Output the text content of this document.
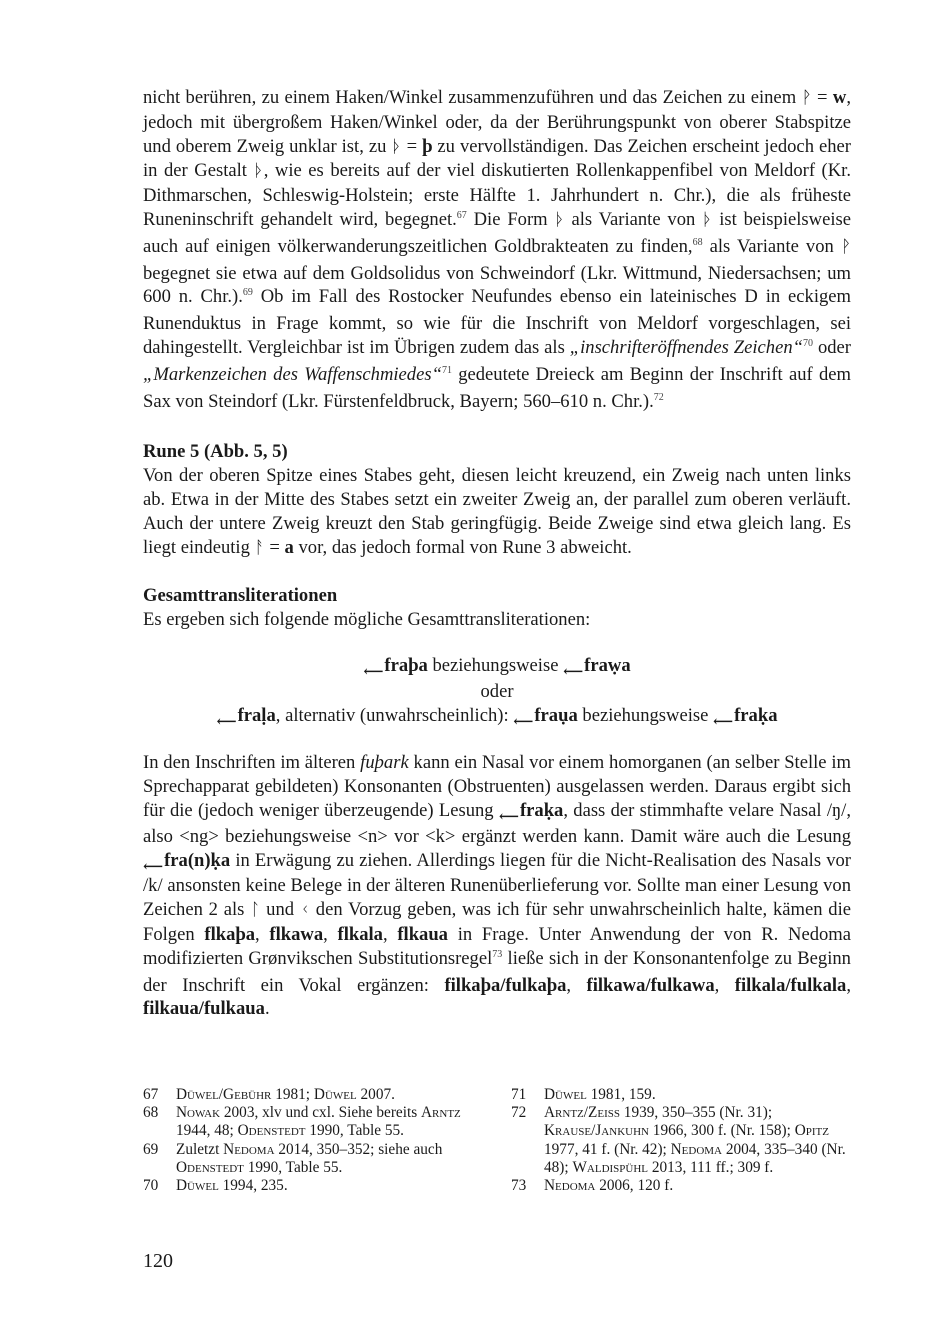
nicht berühren, zu einem Haken/Winkel zusammenzuführen und das Zeichen zu einem ᚹ = w, jedoch mit übergroßem Haken/Winkel oder, da der Berührungspunkt von oberer Stabspitze und oberem Zweig unklar ist, zu ᚦ = þ zu vervollständigen. Das Zeichen erscheint jedoch eher in der Gestalt ᚦ, wie es bereits auf der viel diskutierten Rollenkappenfibel von Meldorf (Kr. Dithmarschen, Schleswig-Holstein; erste Hälfte 1. Jahrhundert n. Chr.), die als früheste Runeninschrift gehandelt wird, begegnet.$^{67}$ Die Form ᚦ als Variante von ᚦ ist beispielsweise auch auf einigen völkerwanderungszeitlichen Goldbrakteaten zu finden,$^{68}$ als Variante von ᚹ begegnet sie etwa auf dem Goldsolidus von Schweindorf (Lkr. Wittmund, Niedersachsen; um 600 n. Chr.).$^{69}$ Ob im Fall des Rostocker Neufundes ebenso ein lateinisches D in eckigem Runenduktus in Frage kommt, so wie für die Inschrift von Meldorf vorgeschlagen, sei dahingestellt. Vergleichbar ist im Übrigen zudem das als „inschrifteröffnendes Zeichen“$^{70}$ oder „Markenzeichen des Waffenschmiedes“$^{71}$ gedeutete Dreieck am Beginn der Inschrift auf dem Sax von Steindorf (Lkr. Fürstenfeldbruck, Bayern; 560–610 n. Chr.).$^{72}$

Rune 5 (Abb. 5, 5)

Von der oberen Spitze eines Stabes geht, diesen leicht kreuzend, ein Zweig nach unten links ab. Etwa in der Mitte des Stabes setzt ein zweiter Zweig an, der parallel zum oberen verläuft. Auch der untere Zweig kreuzt den Stab geringfügig. Beide Zweige sind etwa gleich lang. Es liegt eindeutig ᚨ = a vor, das jedoch formal von Rune 3 abweicht.

Gesamttransliterationen

Es ergeben sich folgende mögliche Gesamttransliterationen:

$_⟵$fraþa beziehungsweise $_⟵$fraẉa
oder
$_⟵$fraḷa, alternativ (unwahrscheinlich): $_⟵$fraụa beziehungsweise $_⟵$fraḳa

In den Inschriften im älteren fuþark kann ein Nasal vor einem homorganen (an selber Stelle im Sprechapparat gebildeten) Konsonanten (Obstruenten) ausgelassen werden. Daraus ergibt sich für die (jedoch weniger überzeugende) Lesung $_⟵$fraḳa, dass der stimmhafte velare Nasal /ŋ/, also <ng> beziehungsweise <n> vor <k> ergänzt werden kann. Damit wäre auch die Lesung $_⟵$fra(n)ḳa in Erwägung zu ziehen. Allerdings liegen für die Nicht-Realisation des Nasals vor /k/ ansonsten keine Belege in der älteren Runenüberlieferung vor. Sollte man einer Lesung von Zeichen 2 als ᛚ und ᚲ den Vorzug geben, was ich für sehr unwahrscheinlich halte, kämen die Folgen flkaþa, flkawa, flkala, flkaua in Frage. Unter Anwendung der von R. Nedoma modifizierten Grønvikschen Substitutionsregel$^{73}$ ließe sich in der Konsonantenfolge zu Beginn der Inschrift ein Vokal ergänzen: filkaþa/fulkaþa, filkawa/fulkawa, filkala/fulkala, filkaua/fulkaua.

67	Düwel/Gebühr 1981; Düwel 2007.

68	Nowak 2003, xlv und cxl. Siehe bereits Arntz 1944, 48; Odenstedt 1990, Table 55.

69	Zuletzt Nedoma 2014, 350–352; siehe auch Odenstedt 1990, Table 55.

70	Düwel 1994, 235.

71	Düwel 1981, 159.

72	Arntz/Zeiss 1939, 350–355 (Nr. 31); Krause/Jankuhn 1966, 300 f. (Nr. 158); Opitz 1977, 41 f. (Nr. 42); Nedoma 2004, 335–340 (Nr. 48); Waldispühl 2013, 111 ff.; 309 f.

73	Nedoma 2006, 120 f.

120
